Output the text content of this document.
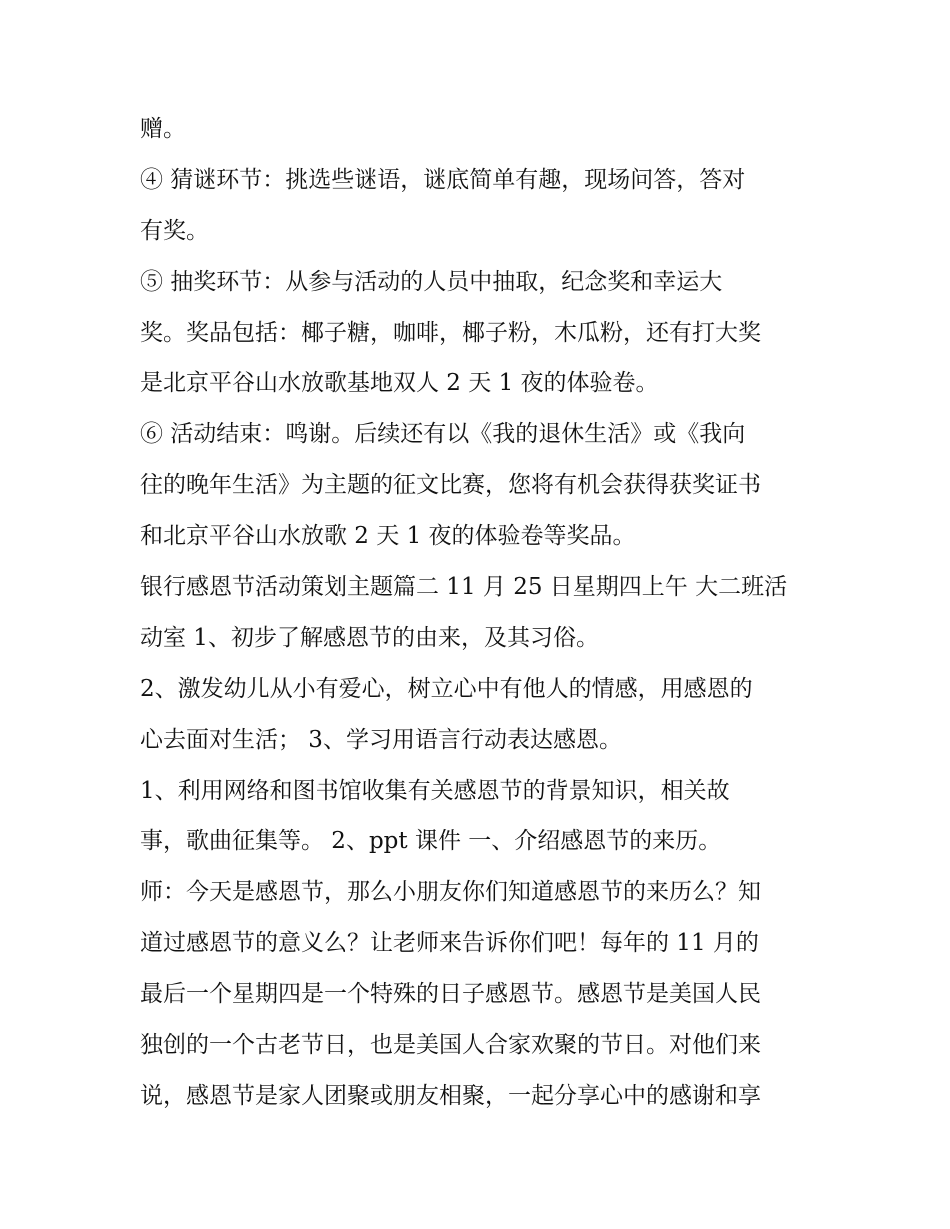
赠。
④ 猜谜环节：挑选些谜语，谜底简单有趣，现场问答，答对
有奖。
⑤ 抽奖环节：从参与活动的人员中抽取，纪念奖和幸运大
奖。奖品包括：椰子糖，咖啡，椰子粉，木瓜粉，还有打大奖
是北京平谷山水放歌基地双人 2 天 1 夜的体验卷。
⑥ 活动结束：鸣谢。后续还有以《我的退休生活》或《我向
往的晚年生活》为主题的征文比赛，您将有机会获得获奖证书
和北京平谷山水放歌 2 天 1 夜的体验卷等奖品。
银行感恩节活动策划主题篇二 11 月 25 日星期四上午 大二班活
动室 1、初步了解感恩节的由来，及其习俗。
2、激发幼儿从小有爱心，树立心中有他人的情感，用感恩的
心去面对生活； 3、学习用语言行动表达感恩。
1、利用网络和图书馆收集有关感恩节的背景知识，相关故
事，歌曲征集等。 2、ppt 课件 一、介绍感恩节的来历。
师：今天是感恩节，那么小朋友你们知道感恩节的来历么？知
道过感恩节的意义么？让老师来告诉你们吧！每年的 11 月的
最后一个星期四是一个特殊的日子感恩节。感恩节是美国人民
独创的一个古老节日，也是美国人合家欢聚的节日。对他们来
说，感恩节是家人团聚或朋友相聚，一起分享心中的感谢和享
